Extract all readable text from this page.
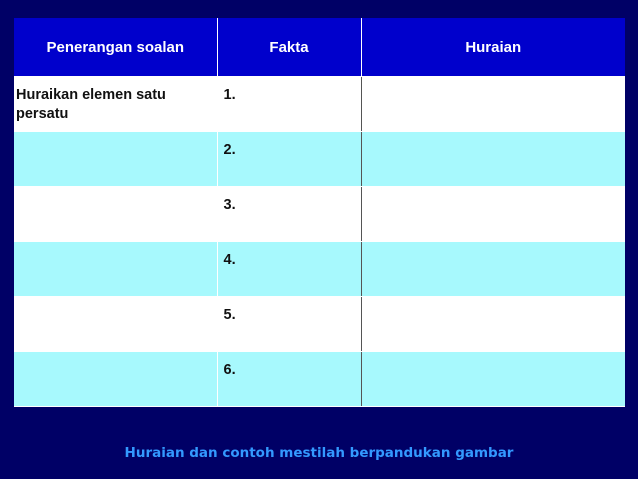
Penerangan soalan	Fakta	Huraian
Huraikan elemen satu persatu	1.	
	2.	
	3.	
	4.	
	5.	
	6.	
Huraian dan contoh mestilah berpandukan gambar
